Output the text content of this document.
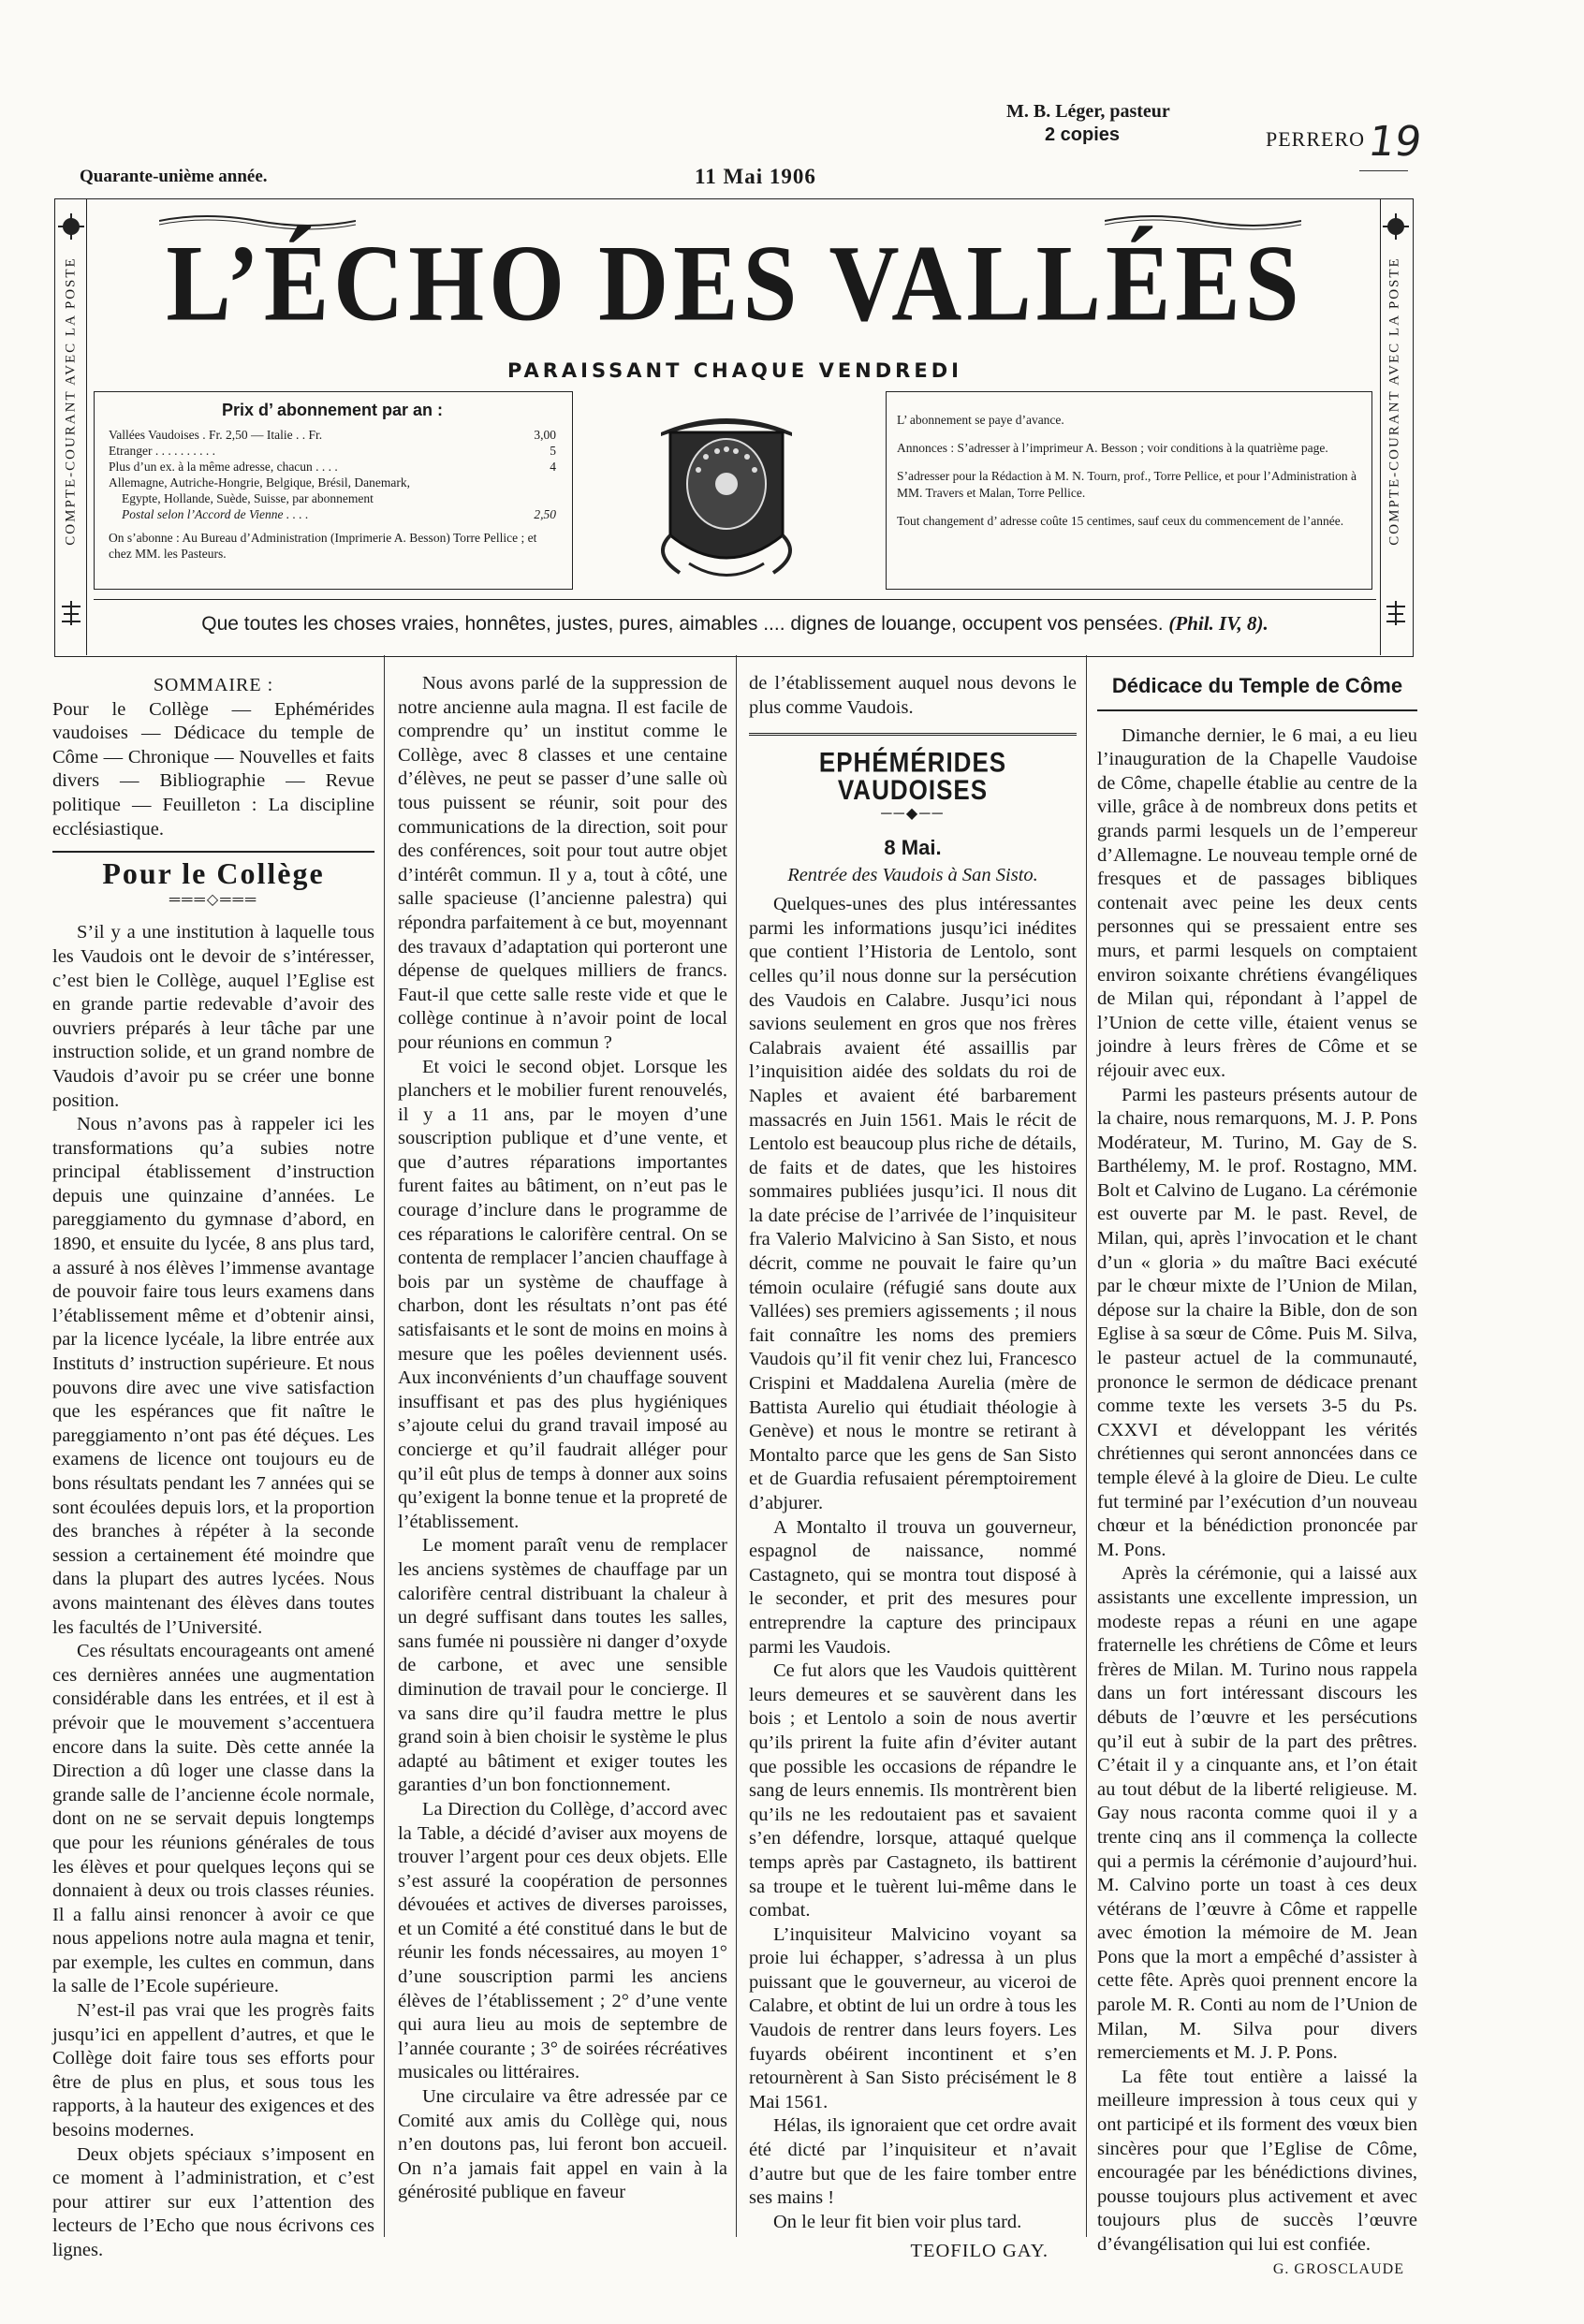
M. B. Léger, pasteur
2 copies	PERRERO 19
Quarante-unième année.	11 Mai 1906
COMPTE-COURANT AVEC LA POSTE	COMPTE-COURANT AVEC LA POSTE
L’ÉCHO DES VALLÉES
PARAISSANT CHAQUE VENDREDI
Prix d’ abonnement par an :
Vallées Vaudoises . Fr. 2,50 — Italie . . Fr.	3,00
Etranger . . . . . . . . . .	5
Plus d’un ex. à la même adresse, chacun . . . .	4
Allemagne, Autriche-Hongrie, Belgique, Brésil, Danemark,
Egypte, Hollande, Suède, Suisse, par abonnement
Postal selon l’Accord de Vienne . . . .	2,50
On s’abonne : Au Bureau d’Administration (Imprimerie A. Besson) Torre Pellice ; et chez MM. les Pasteurs.
L’ abonnement se paye d’avance.
Annonces : S’adresser à l’imprimeur A. Besson ; voir conditions à la quatrième page.
S’adresser pour la Rédaction à M. N. Tourn, prof., Torre Pellice, et pour l’Administration à MM. Travers et Malan, Torre Pellice.
Tout changement d’ adresse coûte 15 centimes, sauf ceux du commencement de l’année.
Que toutes les choses vraies, honnêtes, justes, pures, aimables .... dignes de louange, occupent vos pensées. (Phil. IV, 8).
SOMMAIRE :

Pour le Collège — Ephémérides vaudoises — Dédicace du temple de Côme — Chronique — Nouvelles et faits divers — Bibliographie — Revue politique — Feuilleton : La discipline ecclésiastique.

Pour le Collège
═══◇═══

S’il y a une institution à laquelle tous les Vaudois ont le devoir de s’intéresser, c’est bien le Collège, auquel l’Eglise est en grande partie redevable d’avoir des ouvriers préparés à leur tâche par une instruction solide, et un grand nombre de Vaudois d’avoir pu se créer une bonne position.

Nous n’avons pas à rappeler ici les transformations qu’a subies notre principal établissement d’instruction depuis une quinzaine d’années. Le pareggiamento du gymnase d’abord, en 1890, et ensuite du lycée, 8 ans plus tard, a assuré à nos élèves l’immense avantage de pouvoir faire tous leurs examens dans l’établissement même et d’obtenir ainsi, par la licence lycéale, la libre entrée aux Instituts d’ instruction supérieure. Et nous pouvons dire avec une vive satisfaction que les espérances que fit naître le pareggiamento n’ont pas été déçues. Les examens de licence ont toujours eu de bons résultats pendant les 7 années qui se sont écoulées depuis lors, et la proportion des branches à répéter à la seconde session a certainement été moindre que dans la plupart des autres lycées. Nous avons maintenant des élèves dans toutes les facultés de l’Université.

Ces résultats encourageants ont amené ces dernières années une augmentation considérable dans les entrées, et il est à prévoir que le mouvement s’accentuera encore dans la suite. Dès cette année la Direction a dû loger une classe dans la grande salle de l’ancienne école normale, dont on ne se servait depuis longtemps que pour les réunions générales de tous les élèves et pour quelques leçons qui se donnaient à deux ou trois classes réunies. Il a fallu ainsi renoncer à avoir ce que nous appelions notre aula magna et tenir, par exemple, les cultes en commun, dans la salle de l’Ecole supérieure.

N’est-il pas vrai que les progrès faits jusqu’ici en appellent d’autres, et que le Collège doit faire tous ses efforts pour être de plus en plus, et sous tous les rapports, à la hauteur des exigences et des besoins modernes.

Deux objets spéciaux s’imposent en ce moment à l’administration, et c’est pour attirer sur eux l’attention des lecteurs de l’Echo que nous écrivons ces lignes.

Nous avons parlé de la suppression de notre ancienne aula magna. Il est facile de comprendre qu’ un institut comme le Collège, avec 8 classes et une centaine d’élèves, ne peut se passer d’une salle où tous puissent se réunir, soit pour des communications de la direction, soit pour des conférences, soit pour tout autre objet d’intérêt commun. Il y a, tout à côté, une salle spacieuse (l’ancienne palestra) qui répondra parfaitement à ce but, moyennant des travaux d’adaptation qui porteront une dépense de quelques milliers de francs. Faut-il que cette salle reste vide et que le collège continue à n’avoir point de local pour réunions en commun ?

Et voici le second objet. Lorsque les planchers et le mobilier furent renouvelés, il y a 11 ans, par le moyen d’une souscription publique et d’une vente, et que d’autres réparations importantes furent faites au bâtiment, on n’eut pas le courage d’inclure dans le programme de ces réparations le calorifère central. On se contenta de remplacer l’ancien chauffage à bois par un système de chauffage à charbon, dont les résultats n’ont pas été satisfaisants et le sont de moins en moins à mesure que les poêles deviennent usés. Aux inconvénients d’un chauffage souvent insuffisant et pas des plus hygiéniques s’ajoute celui du grand travail imposé au concierge et qu’il faudrait alléger pour qu’il eût plus de temps à donner aux soins qu’exigent la bonne tenue et la propreté de l’établissement.

Le moment paraît venu de remplacer les anciens systèmes de chauffage par un calorifère central distribuant la chaleur à un degré suffisant dans toutes les salles, sans fumée ni poussière ni danger d’oxyde de carbone, et avec une sensible diminution de travail pour le concierge. Il va sans dire qu’il faudra mettre le plus grand soin à bien choisir le système le plus adapté au bâtiment et exiger toutes les garanties d’un bon fonctionnement.

La Direction du Collège, d’accord avec la Table, a décidé d’aviser aux moyens de trouver l’argent pour ces deux objets. Elle s’est assuré la coopération de personnes dévouées et actives de diverses paroisses, et un Comité a été constitué dans le but de réunir les fonds nécessaires, au moyen 1° d’une souscription parmi les anciens élèves de l’établissement ; 2° d’une vente qui aura lieu au mois de septembre de l’année courante ; 3° de soirées récréatives musicales ou littéraires.

Une circulaire va être adressée par ce Comité aux amis du Collège qui, nous n’en doutons pas, lui feront bon accueil. On n’a jamais fait appel en vain à la générosité publique en faveur

de l’établissement auquel nous devons le plus comme Vaudois.

EPHÉMÉRIDES VAUDOISES
──◆──
8 Mai.
Rentrée des Vaudois à San Sisto.

Quelques-unes des plus intéressantes parmi les informations jusqu’ici inédites que contient l’Historia de Lentolo, sont celles qu’il nous donne sur la persécution des Vaudois en Calabre. Jusqu’ici nous savions seulement en gros que nos frères Calabrais avaient été assaillis par l’inquisition aidée des soldats du roi de Naples et avaient été barbarement massacrés en Juin 1561. Mais le récit de Lentolo est beaucoup plus riche de détails, de faits et de dates, que les histoires sommaires publiées jusqu’ici. Il nous dit la date précise de l’arrivée de l’inquisiteur fra Valerio Malvicino à San Sisto, et nous décrit, comme ne pouvait le faire qu’un témoin oculaire (réfugié sans doute aux Vallées) ses premiers agissements ; il nous fait connaître les noms des premiers Vaudois qu’il fit venir chez lui, Francesco Crispini et Maddalena Aurelia (mère de Battista Aurelio qui étudiait théologie à Genève) et nous le montre se retirant à Montalto parce que les gens de San Sisto et de Guardia refusaient péremptoirement d’abjurer.

A Montalto il trouva un gouverneur, espagnol de naissance, nommé Castagneto, qui se montra tout disposé à le seconder, et prit des mesures pour entreprendre la capture des principaux parmi les Vaudois.

Ce fut alors que les Vaudois quittèrent leurs demeures et se sauvèrent dans les bois ; et Lentolo a soin de nous avertir qu’ils prirent la fuite afin d’éviter autant que possible les occasions de répandre le sang de leurs ennemis. Ils montrèrent bien qu’ils ne les redoutaient pas et savaient s’en défendre, lorsque, attaqué quelque temps après par Castagneto, ils battirent sa troupe et le tuèrent lui-même dans le combat.

L’inquisiteur Malvicino voyant sa proie lui échapper, s’adressa à un plus puissant que le gouverneur, au viceroi de Calabre, et obtint de lui un ordre à tous les Vaudois de rentrer dans leurs foyers. Les fuyards obéirent incontinent et s’en retournèrent à San Sisto précisément le 8 Mai 1561.

Hélas, ils ignoraient que cet ordre avait été dicté par l’inquisiteur et n’avait d’autre but que de les faire tomber entre ses mains !

On le leur fit bien voir plus tard.

TEOFILO GAY.
Dédicace du Temple de Côme

Dimanche dernier, le 6 mai, a eu lieu l’inauguration de la Chapelle Vaudoise de Côme, chapelle établie au centre de la ville, grâce à de nombreux dons petits et grands parmi lesquels un de l’empereur d’Allemagne. Le nouveau temple orné de fresques et de passages bibliques contenait avec peine les deux cents personnes qui se pressaient entre ses murs, et parmi lesquels on comptaient environ soixante chrétiens évangéliques de Milan qui, répondant à l’appel de l’Union de cette ville, étaient venus se joindre à leurs frères de Côme et se réjouir avec eux.

Parmi les pasteurs présents autour de la chaire, nous remarquons, M. J. P. Pons Modérateur, M. Turino, M. Gay de S. Barthélemy, M. le prof. Rostagno, MM. Bolt et Calvino de Lugano. La cérémonie est ouverte par M. le past. Revel, de Milan, qui, après l’invocation et le chant d’un « gloria » du maître Baci exécuté par le chœur mixte de l’Union de Milan, dépose sur la chaire la Bible, don de son Eglise à sa sœur de Côme. Puis M. Silva, le pasteur actuel de la communauté, prononce le sermon de dédicace prenant comme texte les versets 3-5 du Ps. CXXVI et développant les vérités chrétiennes qui seront annoncées dans ce temple élevé à la gloire de Dieu. Le culte fut terminé par l’exécution d’un nouveau chœur et la bénédiction prononcée par M. Pons.

Après la cérémonie, qui a laissé aux assistants une excellente impression, un modeste repas a réuni en une agape fraternelle les chrétiens de Côme et leurs frères de Milan. M. Turino nous rappela dans un fort intéressant discours les débuts de l’œuvre et les persécutions qu’il eut à subir de la part des prêtres. C’était il y a cinquante ans, et l’on était au tout début de la liberté religieuse. M. Gay nous raconta comme quoi il y a trente cinq ans il commença la collecte qui a permis la cérémonie d’aujourd’hui. M. Calvino porte un toast à ces deux vétérans de l’œuvre à Côme et rappelle avec émotion la mémoire de M. Jean Pons que la mort a empêché d’assister à cette fête. Après quoi prennent encore la parole M. R. Conti au nom de l’Union de Milan, M. Silva pour divers remerciements et M. J. P. Pons.

La fête tout entière a laissé la meilleure impression à tous ceux qui y ont participé et ils forment des vœux bien sincères pour que l’Eglise de Côme, encouragée par les bénédictions divines, pousse toujours plus activement et avec toujours plus de succès l’œuvre d’évangélisation qui lui est confiée.

G. GROSCLAUDE
